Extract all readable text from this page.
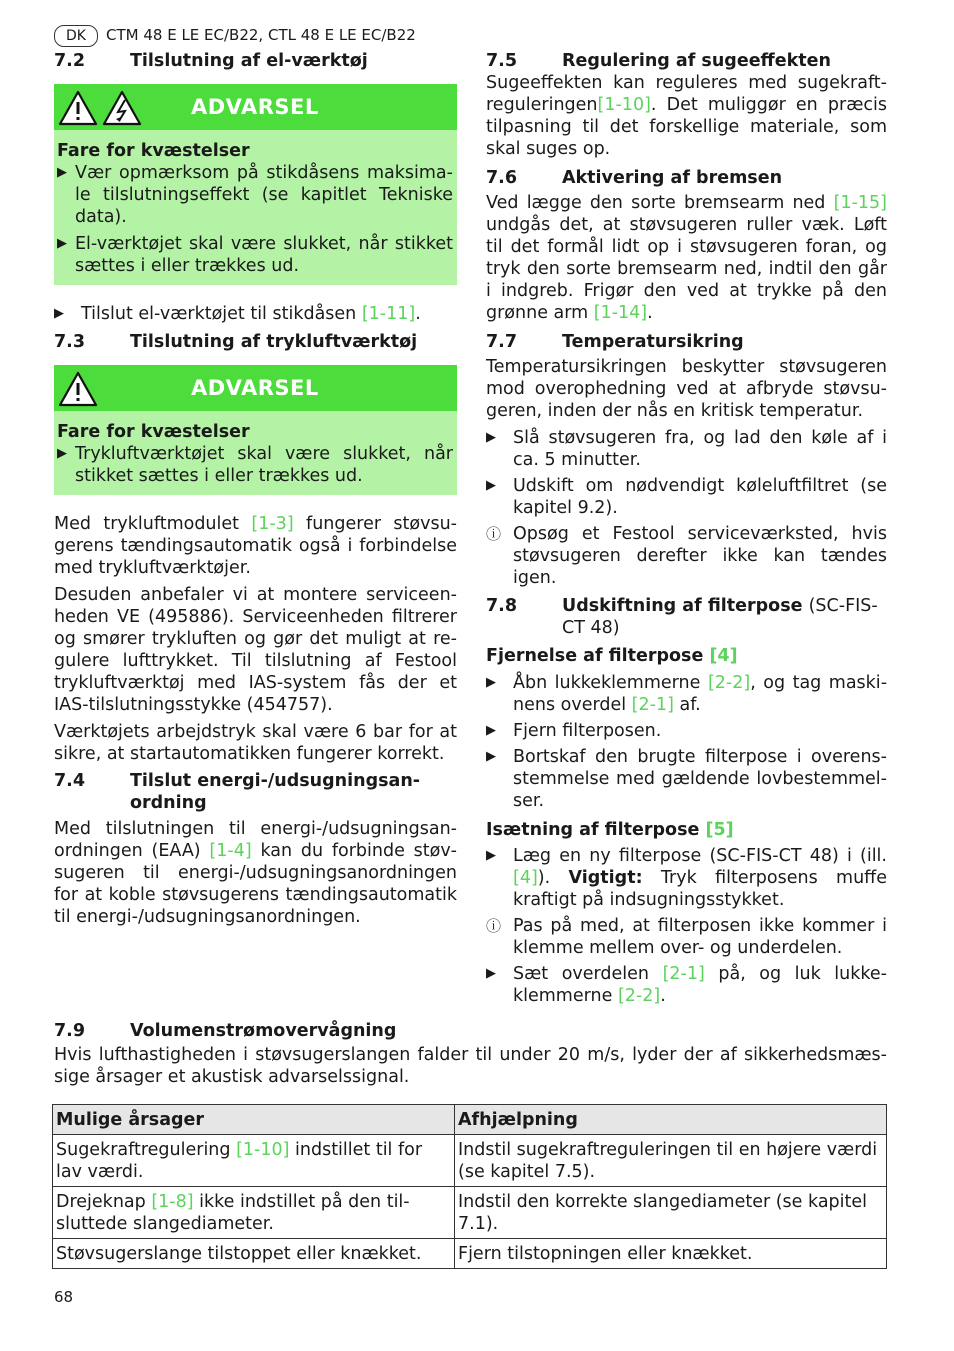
DK	CTM 48 E LE EC/B22, CTL 48 E LE EC/B22
7.2	Tilslutning af el-værktøj
ADVARSEL
Fare for kvæstelser
▶ Vær opmærksom på stikdåsens maksimale tilslutningseffekt (se kapitlet Tekniske data).
▶ El-værktøjet skal være slukket, når stikket sættes i eller trækkes ud.
▶ Tilslut el-værktøjet til stikdåsen [1-11].
7.3	Tilslutning af trykluftværktøj
ADVARSEL
Fare for kvæstelser
▶ Trykluftværktøjet skal være slukket, når stikket sættes i eller trækkes ud.

Med trykluftmodulet [1-3] fungerer støvsugerens tændingsautomatik også i forbindelse med trykluftværktøjer.

Desuden anbefaler vi at montere serviceenheden VE (495886). Serviceenheden filtrerer og smører trykluften og gør det muligt at regulere lufttrykket. Til tilslutning af Festool trykluftværktøj med IAS-system fås der et IAS-tilslutningsstykke (454757).

Værktøjets arbejdstryk skal være 6 bar for at sikre, at startautomatikken fungerer korrekt.

7.4	Tilslut energi-/udsugningsanordning

Med tilslutningen til energi-/udsugningsanordningen (EAA) [1-4] kan du forbinde støvsugeren til energi-/udsugningsanordningen for at koble støvsugerens tændingsautomatik til energi-/udsugningsanordningen.

7.5	Regulering af sugeeffekten

Sugeeffekten kan reguleres med sugekraftreguleringen[1-10]. Det muliggør en præcis tilpasning til det forskellige materiale, som skal suges op.

7.6	Aktivering af bremsen

Ved lægge den sorte bremsearm ned [1-15] undgås det, at støvsugeren ruller væk. Løft til det formål lidt op i støvsugeren foran, og tryk den sorte bremsearm ned, indtil den går i indgreb. Frigør den ved at trykke på den grønne arm [1-14].

7.7	Temperatursikring

Temperatursikringen beskytter støvsugeren mod overophedning ved at afbryde støvsugeren, inden der nås en kritisk temperatur.

▶ Slå støvsugeren fra, og lad den køle af i ca. 5 minutter.
▶ Udskift om nødvendigt køleluftfiltret (se kapitel 9.2).
ⓘ Opsøg et Festool serviceværksted, hvis støvsugeren derefter ikke kan tændes igen.
7.8	Udskiftning af filterpose (SC-FIS-CT 48)
Fjernelse af filterpose [4]
▶ Åbn lukkeklemmerne [2-2], og tag maskinens overdel [2-1] af.
▶ Fjern filterposen.
▶ Bortskaf den brugte filterpose i overensstemmelse med gældende lovbestemmelser.
Isætning af filterpose [5]
▶ Læg en ny filterpose (SC-FIS-CT 48) i (ill. [4]). Vigtigt: Tryk filterposens muffe kraftigt på indsugningsstykket.
ⓘ Pas på med, at filterposen ikke kommer i klemme mellem over- og underdelen.
▶ Sæt overdelen [2-1] på, og luk lukkeklemmerne [2-2].
7.9	Volumenstrømovervågning

Hvis lufthastigheden i støvsugerslangen falder til under 20 m/s, lyder der af sikkerhedsmæssige årsager et akustisk advarselssignal.

Mulige årsager	Afhjælpning
Sugekraftregulering [1-10] indstillet til for lav værdi.	Indstil sugekraftreguleringen til en højere værdi (se kapitel 7.5).
Drejeknap [1-8] ikke indstillet på den tilsluttede slangediameter.	Indstil den korrekte slangediameter (se kapitel 7.1).
Støvsugerslange tilstoppet eller knækket.	Fjern tilstopningen eller knækket.
68
